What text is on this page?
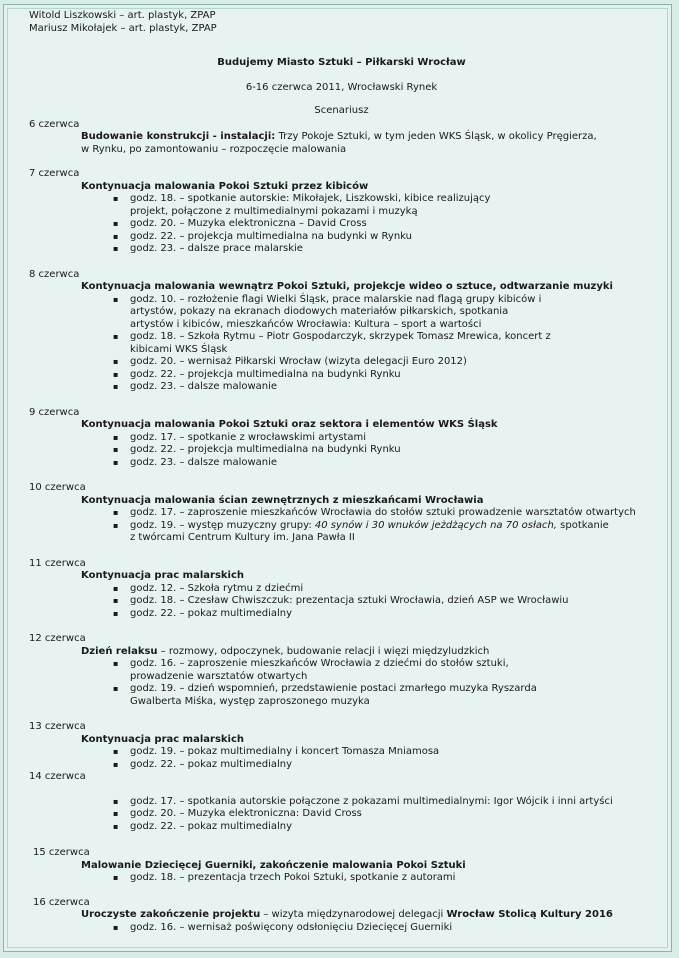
Witold Liszkowski – art. plastyk, ZPAP
Mariusz Mikołajek – art. plastyk, ZPAP
Budujemy Miasto Sztuki – Piłkarski Wrocław
6-16 czerwca 2011, Wrocławski Rynek
Scenariusz
6 czerwca
Budowanie konstrukcji - instalacji: Trzy Pokoje Sztuki, w tym jeden WKS Śląsk, w okolicy Pręgierza,
w Rynku, po zamontowaniu – rozpoczęcie malowania
7 czerwca
Kontynuacja malowania Pokoi Sztuki przez kibiców
▪ godz. 18. – spotkanie autorskie: Mikołajek, Liszkowski, kibice realizujący projekt, połączone z multimedialnymi pokazami i muzyką
▪ godz. 20. – Muzyka elektroniczna – David Cross
▪ godz. 22. – projekcja multimedialna na budynki w Rynku
▪ godz. 23. – dalsze prace malarskie
8 czerwca
Kontynuacja malowania wewnątrz Pokoi Sztuki, projekcje wideo o sztuce, odtwarzanie muzyki
▪ godz. 10. – rozłożenie flagi Wielki Śląsk, prace malarskie nad flagą grupy kibiców i artystów, pokazy na ekranach diodowych materiałów piłkarskich, spotkania artystów i kibiców, mieszkańców Wrocławia: Kultura – sport a wartości
▪ godz. 18. – Szkoła Rytmu – Piotr Gospodarczyk, skrzypek Tomasz Mrewica, koncert z kibicami WKS Śląsk
▪ godz. 20. – wernisaż Piłkarski Wrocław (wizyta delegacji Euro 2012)
▪ godz. 22. – projekcja multimedialna na budynki Rynku
▪ godz. 23. – dalsze malowanie
9 czerwca
Kontynuacja malowania Pokoi Sztuki oraz sektora i elementów WKS Śląsk
▪ godz. 17. – spotkanie z wrocławskimi artystami
▪ godz. 22. – projekcja multimedialna na budynki Rynku
▪ godz. 23. – dalsze malowanie
10 czerwca
Kontynuacja malowania ścian zewnętrznych z mieszkańcami Wrocławia
▪ godz. 17. – zaproszenie mieszkańców Wrocławia do stołów sztuki prowadzenie warsztatów otwartych
▪ godz. 19. – występ muzyczny grupy: 40 synów i 30 wnuków jeżdżących na 70 osłach, spotkanie
z twórcami Centrum Kultury im. Jana Pawła II
11 czerwca
Kontynuacja prac malarskich
▪ godz. 12. – Szkoła rytmu z dziećmi
▪ godz. 18. – Czesław Chwiszczuk: prezentacja sztuki Wrocławia, dzień ASP we Wrocławiu
▪ godz. 22. – pokaz multimedialny
12 czerwca
Dzień relaksu – rozmowy, odpoczynek, budowanie relacji i więzi międzyludzkich
▪ godz. 16. – zaproszenie mieszkańców Wrocławia z dziećmi do stołów sztuki, prowadzenie warsztatów otwartych
▪ godz. 19. – dzień wspomnień, przedstawienie postaci zmarłego muzyka Ryszarda Gwalberta Miśka, występ zaproszonego muzyka
13 czerwca
Kontynuacja prac malarskich
▪ godz. 19. – pokaz multimedialny i koncert Tomasza Mniamosa
▪ godz. 22. – pokaz multimedialny
14 czerwca
▪ godz. 17. – spotkania autorskie połączone z pokazami multimedialnymi: Igor Wójcik i inni artyści
▪ godz. 20. – Muzyka elektroniczna: David Cross
▪ godz. 22. – pokaz multimedialny
15 czerwca
Malowanie Dziecięcej Guerniki, zakończenie malowania Pokoi Sztuki
▪ godz. 18. – prezentacja trzech Pokoi Sztuki, spotkanie z autorami
16 czerwca
Uroczyste zakończenie projektu – wizyta międzynarodowej delegacji Wrocław Stolicą Kultury 2016
▪ godz. 16. – wernisaż poświęcony odsłonięciu Dziecięcej Guerniki
